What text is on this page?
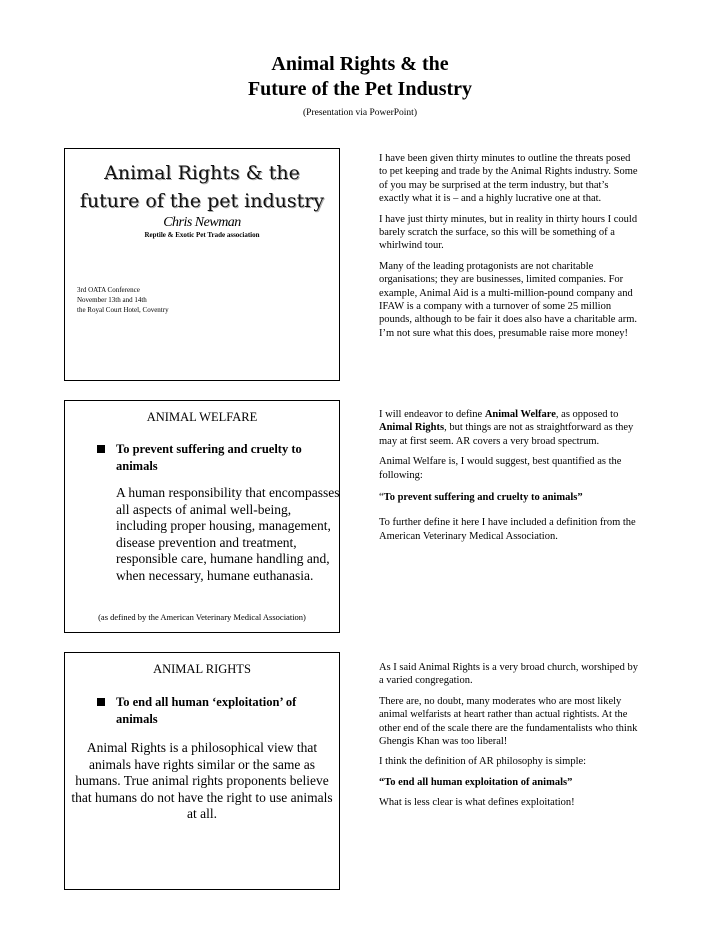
Animal Rights & the
Future of the Pet Industry
(Presentation via PowerPoint)
Animal Rights & the
future of the pet industry
Chris Newman
Reptile & Exotic Pet Trade association
3rd OATA Conference
November 13th and 14th
the Royal Court Hotel, Coventry

I have been given thirty minutes to outline the threats posed to pet keeping and trade by the Animal Rights industry. Some of you may be surprised at the term industry, but that’s exactly what it is – and a highly lucrative one at that.

I have just thirty minutes, but in reality in thirty hours I could barely scratch the surface, so this will be something of a whirlwind tour.

Many of the leading protagonists are not charitable organisations; they are businesses, limited companies. For example, Animal Aid is a multi-million-pound company and IFAW is a company with a turnover of some 25 million pounds, although to be fair it does also have a charitable arm. I’m not sure what this does, presumable raise more money!

ANIMAL WELFARE
To prevent suffering and cruelty to animals
A human responsibility that encompasses all aspects of animal well-being, including proper housing, management, disease prevention and treatment, responsible care, humane handling and, when necessary, humane euthanasia.
(as defined by the American Veterinary Medical Association)

I will endeavor to define Animal Welfare, as opposed to Animal Rights, but things are not as straightforward as they may at first seem. AR covers a very broad spectrum.

Animal Welfare is, I would suggest, best quantified as the following:

“To prevent suffering and cruelty to animals”

To further define it here I have included a definition from the American Veterinary Medical Association.

ANIMAL RIGHTS
To end all human ‘exploitation’ of animals
Animal Rights is a philosophical view that animals have rights similar or the same as humans. True animal rights proponents believe that humans do not have the right to use animals at all.

As I said Animal Rights is a very broad church, worshiped by a varied congregation.

There are, no doubt, many moderates who are most likely animal welfarists at heart rather than actual rightists. At the other end of the scale there are the fundamentalists who think Ghengis Khan was too liberal!

I think the definition of AR philosophy is simple:

“To end all human exploitation of animals”

What is less clear is what defines exploitation!
